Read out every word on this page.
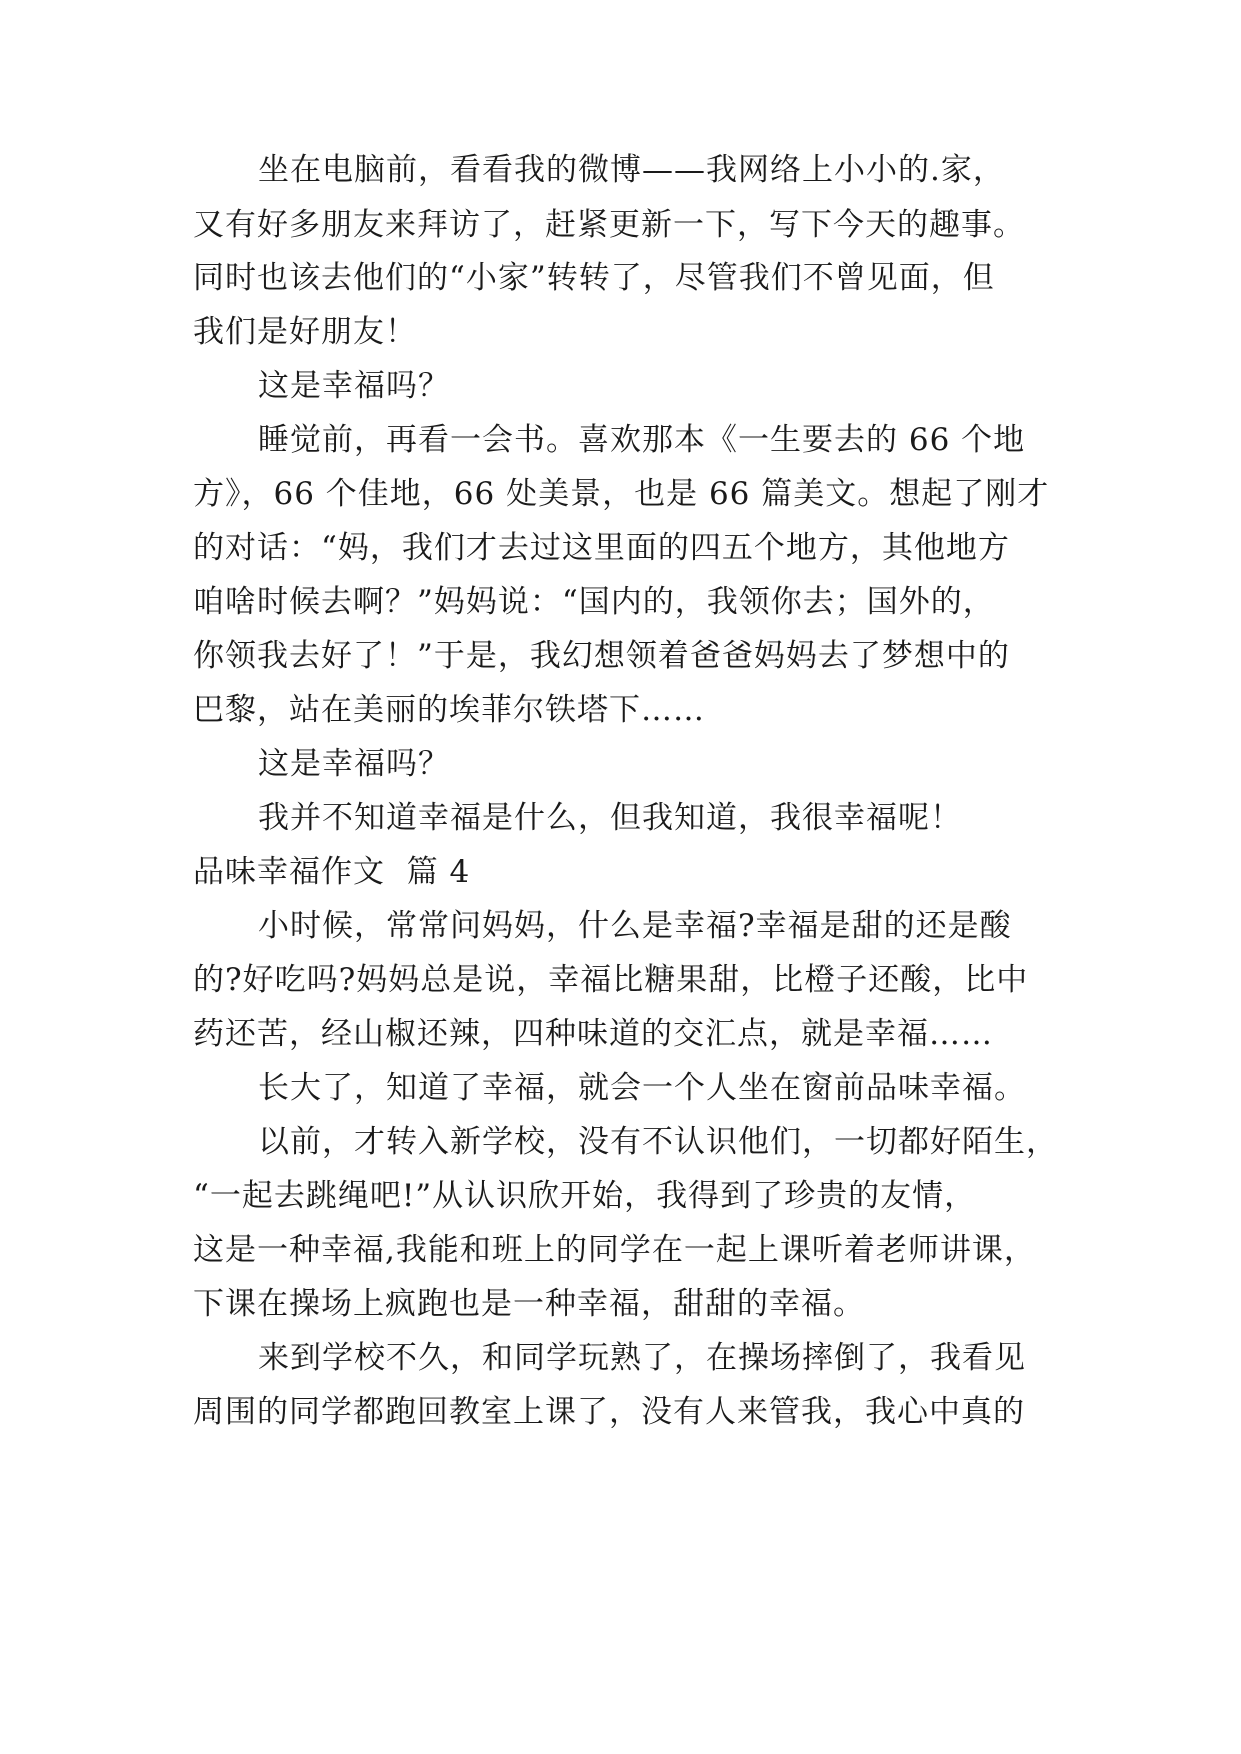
坐在电脑前，看看我的微博——我网络上小小的.家，

又有好多朋友来拜访了，赶紧更新一下，写下今天的趣事。

同时也该去他们的“小家”转转了，尽管我们不曾见面，但

我们是好朋友！

这是幸福吗？

睡觉前，再看一会书。喜欢那本《一生要去的 66 个地

方》，66 个佳地，66 处美景，也是 66 篇美文。想起了刚才

的对话：“妈，我们才去过这里面的四五个地方，其他地方

咱啥时候去啊？”妈妈说：“国内的，我领你去；国外的，

你领我去好了！”于是，我幻想领着爸爸妈妈去了梦想中的

巴黎，站在美丽的埃菲尔铁塔下……

这是幸福吗？

我并不知道幸福是什么，但我知道，我很幸福呢！

品味幸福作文  篇 4

小时候，常常问妈妈，什么是幸福?幸福是甜的还是酸

的?好吃吗?妈妈总是说，幸福比糖果甜，比橙子还酸，比中

药还苦，经山椒还辣，四种味道的交汇点，就是幸福……

长大了，知道了幸福，就会一个人坐在窗前品味幸福。

以前，才转入新学校，没有不认识他们，一切都好陌生，

“一起去跳绳吧!”从认识欣开始，我得到了珍贵的友情，

这是一种幸福,我能和班上的同学在一起上课听着老师讲课，

下课在操场上疯跑也是一种幸福，甜甜的幸福。

来到学校不久，和同学玩熟了，在操场摔倒了，我看见

周围的同学都跑回教室上课了，没有人来管我，我心中真的
